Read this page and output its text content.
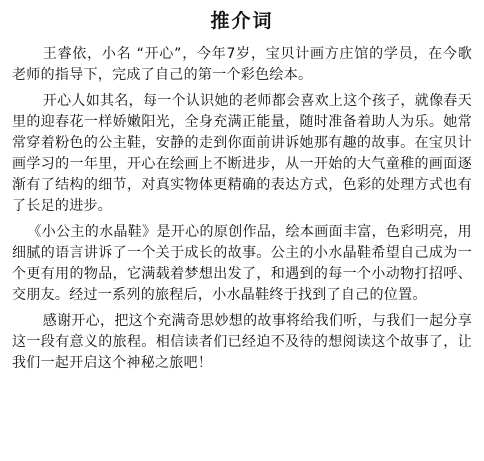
推介词

王睿依，小名 “开心”，今年7岁，宝贝计画方庄馆的学员，在今歌老师的指导下，完成了自己的第一个彩色绘本。

开心人如其名，每一个认识她的老师都会喜欢上这个孩子，就像春天里的迎春花一样娇嫩阳光，全身充满正能量，随时准备着助人为乐。她常常穿着粉色的公主鞋，安静的走到你面前讲诉她那有趣的故事。在宝贝计画学习的一年里，开心在绘画上不断进步，从一开始的大气童稚的画面逐渐有了结构的细节，对真实物体更精确的表达方式，色彩的处理方式也有了长足的进步。

《小公主的水晶鞋》是开心的原创作品，绘本画面丰富，色彩明亮，用细腻的语言讲诉了一个关于成长的故事。公主的小水晶鞋希望自己成为一个更有用的物品，它满载着梦想出发了，和遇到的每一个小动物打招呼、交朋友。经过一系列的旅程后，小水晶鞋终于找到了自己的位置。

感谢开心，把这个充满奇思妙想的故事将给我们听，与我们一起分享这一段有意义的旅程。相信读者们已经迫不及待的想阅读这个故事了，让我们一起开启这个神秘之旅吧！
